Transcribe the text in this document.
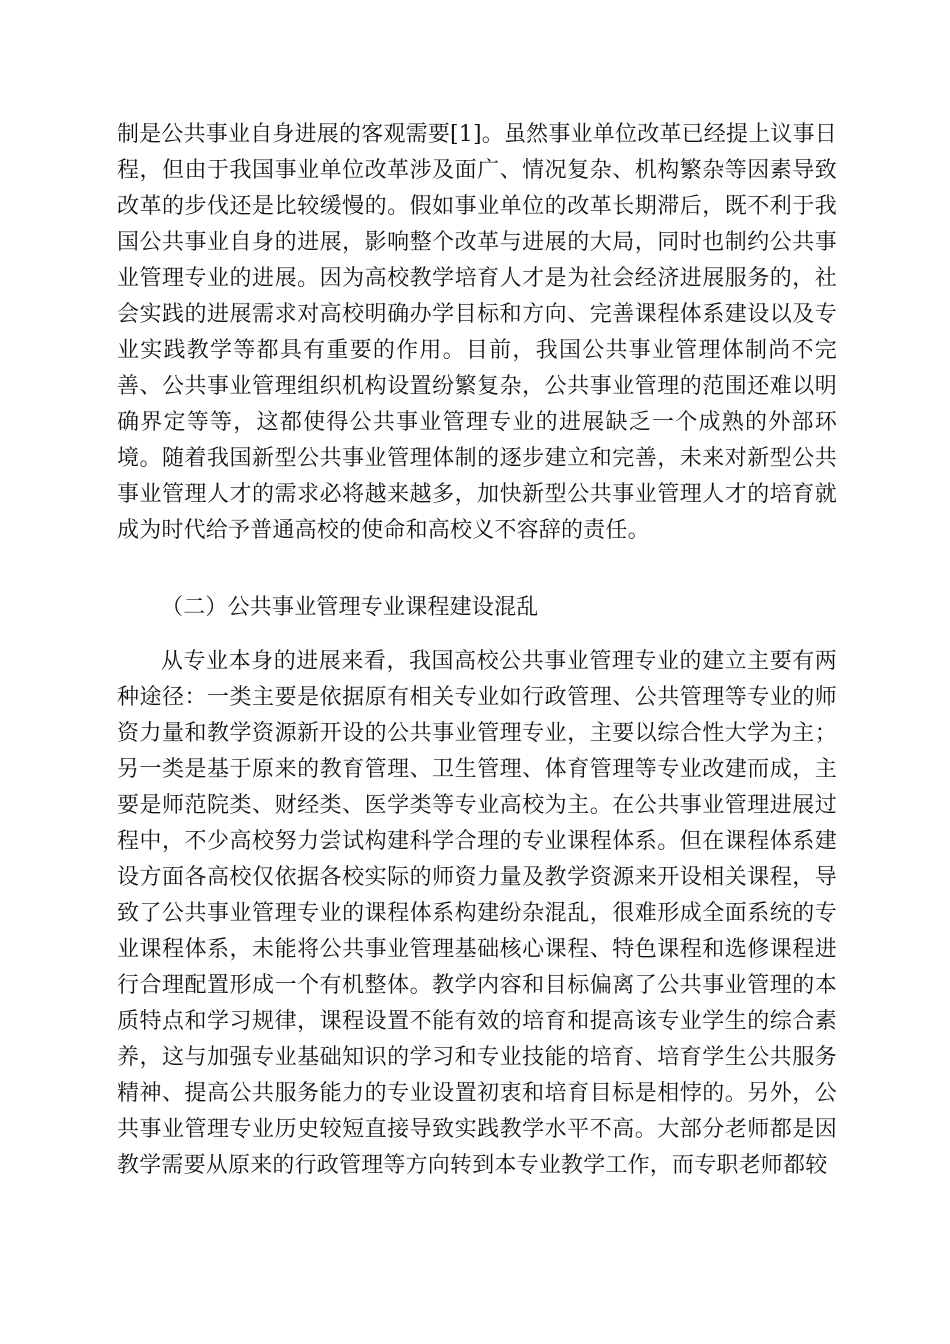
制是公共事业自身进展的客观需要[1]。虽然事业单位改革已经提上议事日程，但由于我国事业单位改革涉及面广、情况复杂、机构繁杂等因素导致改革的步伐还是比较缓慢的。假如事业单位的改革长期滞后，既不利于我国公共事业自身的进展，影响整个改革与进展的大局，同时也制约公共事业管理专业的进展。因为高校教学培育人才是为社会经济进展服务的，社会实践的进展需求对高校明确办学目标和方向、完善课程体系建设以及专业实践教学等都具有重要的作用。目前，我国公共事业管理体制尚不完善、公共事业管理组织机构设置纷繁复杂，公共事业管理的范围还难以明确界定等等，这都使得公共事业管理专业的进展缺乏一个成熟的外部环境。随着我国新型公共事业管理体制的逐步建立和完善，未来对新型公共事业管理人才的需求必将越来越多，加快新型公共事业管理人才的培育就成为时代给予普通高校的使命和高校义不容辞的责任。

（二）公共事业管理专业课程建设混乱

从专业本身的进展来看，我国高校公共事业管理专业的建立主要有两种途径：一类主要是依据原有相关专业如行政管理、公共管理等专业的师资力量和教学资源新开设的公共事业管理专业，主要以综合性大学为主；另一类是基于原来的教育管理、卫生管理、体育管理等专业改建而成，主要是师范院类、财经类、医学类等专业高校为主。在公共事业管理进展过程中，不少高校努力尝试构建科学合理的专业课程体系。但在课程体系建设方面各高校仅依据各校实际的师资力量及教学资源来开设相关课程，导致了公共事业管理专业的课程体系构建纷杂混乱，很难形成全面系统的专业课程体系，未能将公共事业管理基础核心课程、特色课程和选修课程进行合理配置形成一个有机整体。教学内容和目标偏离了公共事业管理的本质特点和学习规律，课程设置不能有效的培育和提高该专业学生的综合素养，这与加强专业基础知识的学习和专业技能的培育、培育学生公共服务精神、提高公共服务能力的专业设置初衷和培育目标是相悖的。另外，公共事业管理专业历史较短直接导致实践教学水平不高。大部分老师都是因教学需要从原来的行政管理等方向转到本专业教学工作，而专职老师都较
